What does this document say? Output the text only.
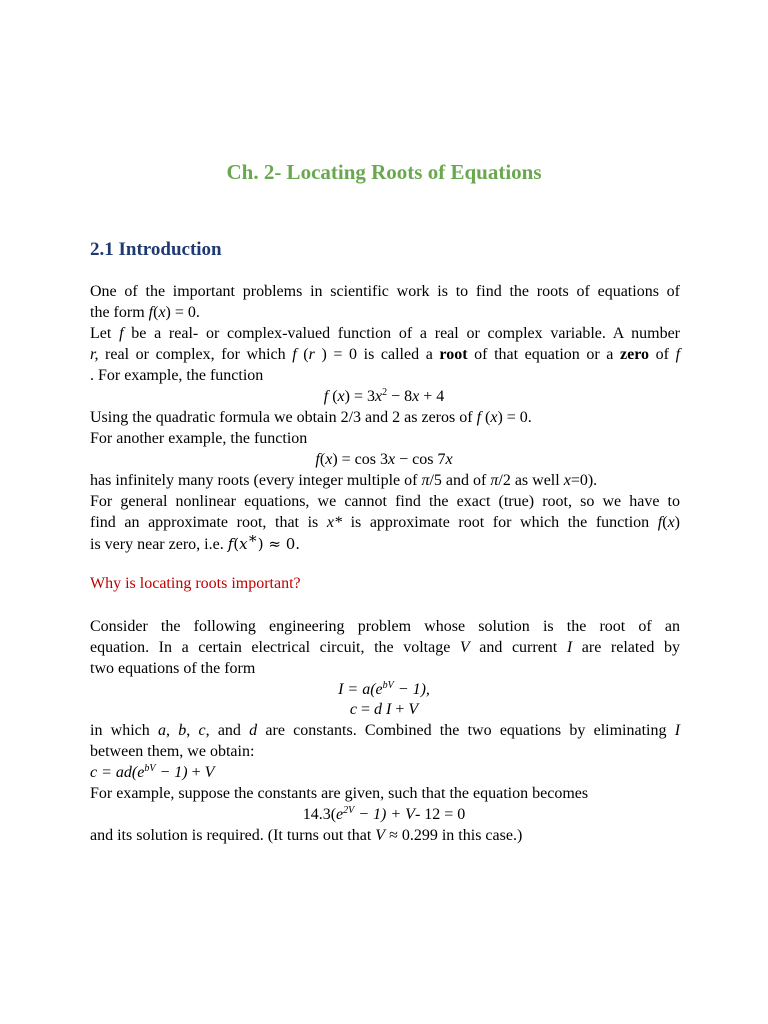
Ch. 2- Locating Roots of Equations
2.1 Introduction
One of the important problems in scientific work is to find the roots of equations of
the form f(x) = 0.
Let f be a real- or complex-valued function of a real or complex variable. A number
r, real or complex, for which f (r ) = 0 is called a root of that equation or a zero of f
. For example, the function
f $(x) = 3x^2 - 8x + 4$
Using the quadratic formula we obtain 2/3 and 2 as zeros of f (x) = 0.
For another example, the function
f(x) = cos 3x − cos 7x
has infinitely many roots (every integer multiple of π/5 and of π/2 as well x=0).
For general nonlinear equations, we cannot find the exact (true) root, so we have to
find an approximate root, that is x* is approximate root for which the function f(x)
is very near zero, i.e. 𝑓(𝑥∗) ≈ 0.
Why is locating roots important?
Consider the following engineering problem whose solution is the root of an
equation. In a certain electrical circuit, the voltage V and current I are related by
two equations of the form
$I = a(e^{bV} - 1)$,
c = d I + V
in which a, b, c, and d are constants. Combined the two equations by eliminating I
between them, we obtain:
$c = ad(e^{bV} - 1) + V$
For example, suppose the constants are given, such that the equation becomes
$14.3(e^{2V} - 1) + V-$ 12 = 0
and its solution is required. (It turns out that V ≈ 0.299 in this case.)
